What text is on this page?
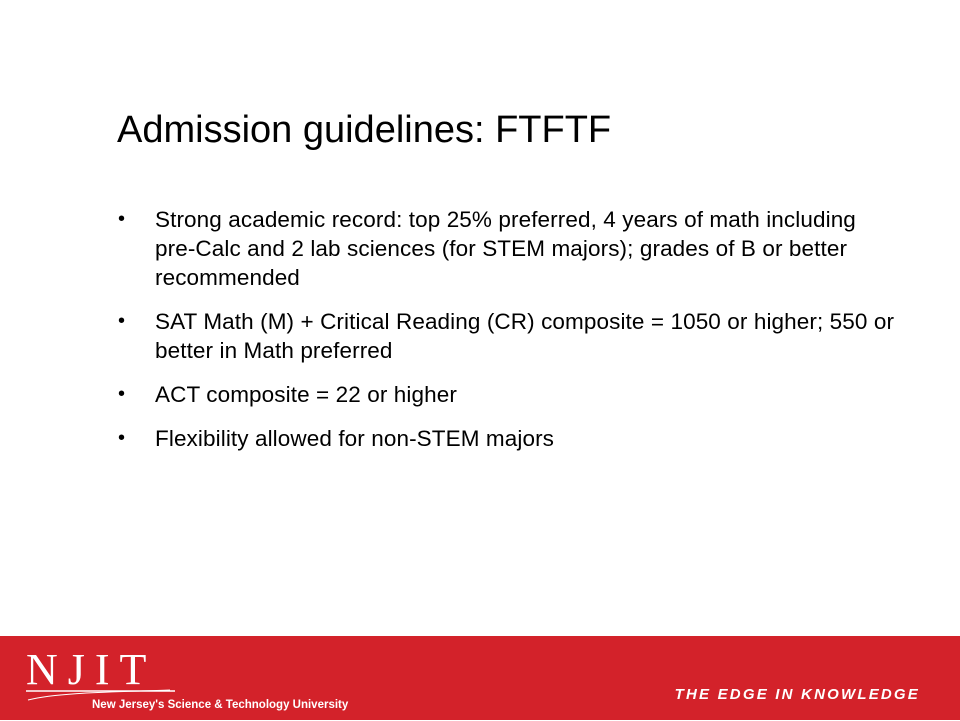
Admission guidelines: FTFTF
•	Strong academic record: top 25% preferred, 4 years of math including pre-Calc and 2 lab sciences (for STEM majors); grades of B or better recommended
•	SAT Math (M) + Critical Reading (CR) composite = 1050 or higher; 550 or better in Math preferred
•	ACT composite = 22 or higher
•	Flexibility allowed for non-STEM majors
NJIT
New Jersey's Science & Technology University
THE EDGE IN KNOWLEDGE
